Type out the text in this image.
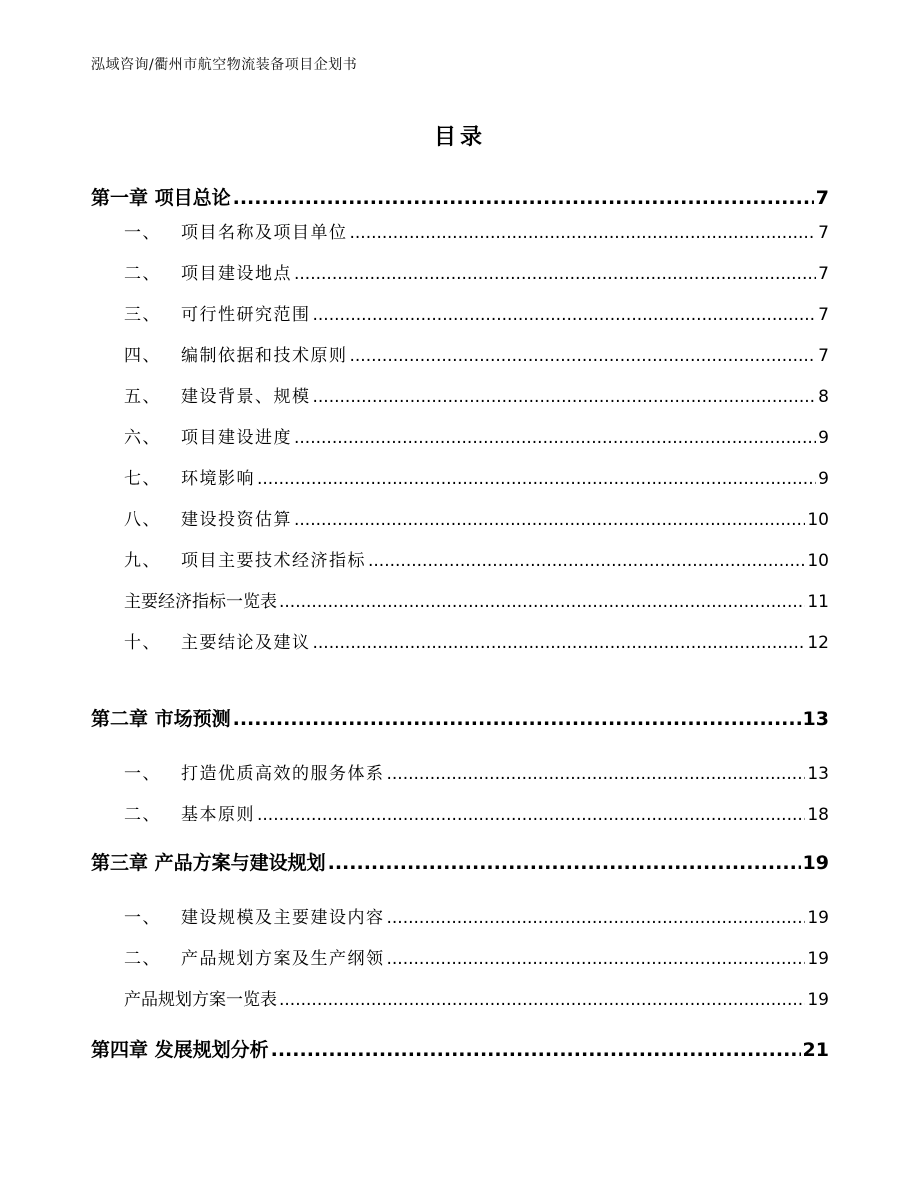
泓域咨询/衢州市航空物流装备项目企划书
目录
第一章 项目总论 .....	7
一、 项目名称及项目单位 .....	7
二、 项目建设地点 .....	7
三、 可行性研究范围 .....	7
四、 编制依据和技术原则 .....	7
五、 建设背景、规模 .....	8
六、 项目建设进度 .....	9
七、 环境影响 .....	9
八、 建设投资估算 .....	10
九、 项目主要技术经济指标 .....	10
主要经济指标一览表 .....	11
十、 主要结论及建议 .....	12
第二章 市场预测 .....	13
一、 打造优质高效的服务体系 .....	13
二、 基本原则 .....	18
第三章 产品方案与建设规划 .....	19
一、 建设规模及主要建设内容 .....	19
二、 产品规划方案及生产纲领 .....	19
产品规划方案一览表 .....	19
第四章 发展规划分析 .....	21
